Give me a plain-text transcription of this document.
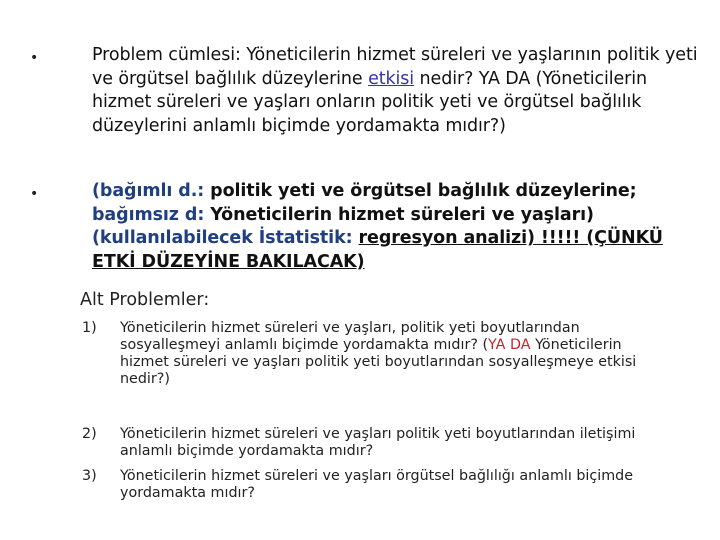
•
•
Problem cümlesi: Yöneticilerin hizmet süreleri ve yaşlarının politik yeti ve örgütsel bağlılık düzeylerine etkisi nedir? YA DA (Yöneticilerin hizmet süreleri ve yaşları onların politik yeti ve örgütsel bağlılık düzeylerini anlamlı biçimde yordamakta mıdır?)
(bağımlı d.: politik yeti ve örgütsel bağlılık düzeylerine; bağımsız d: Yöneticilerin hizmet süreleri ve yaşları) (kullanılabilecek İstatistik: regresyon analizi) !!!!! (ÇÜNKÜ ETKİ DÜZEYİNE BAKILACAK)
Alt Problemler:
1) Yöneticilerin hizmet süreleri ve yaşları, politik yeti boyutlarından sosyalleşmeyi anlamlı biçimde yordamakta mıdır? (YA DA Yöneticilerin hizmet süreleri ve yaşları politik yeti boyutlarından sosyalleşmeye etkisi nedir?)
2) Yöneticilerin hizmet süreleri ve yaşları politik yeti boyutlarından iletişimi anlamlı biçimde yordamakta mıdır?
3) Yöneticilerin hizmet süreleri ve yaşları örgütsel bağlılığı anlamlı biçimde yordamakta mıdır?
